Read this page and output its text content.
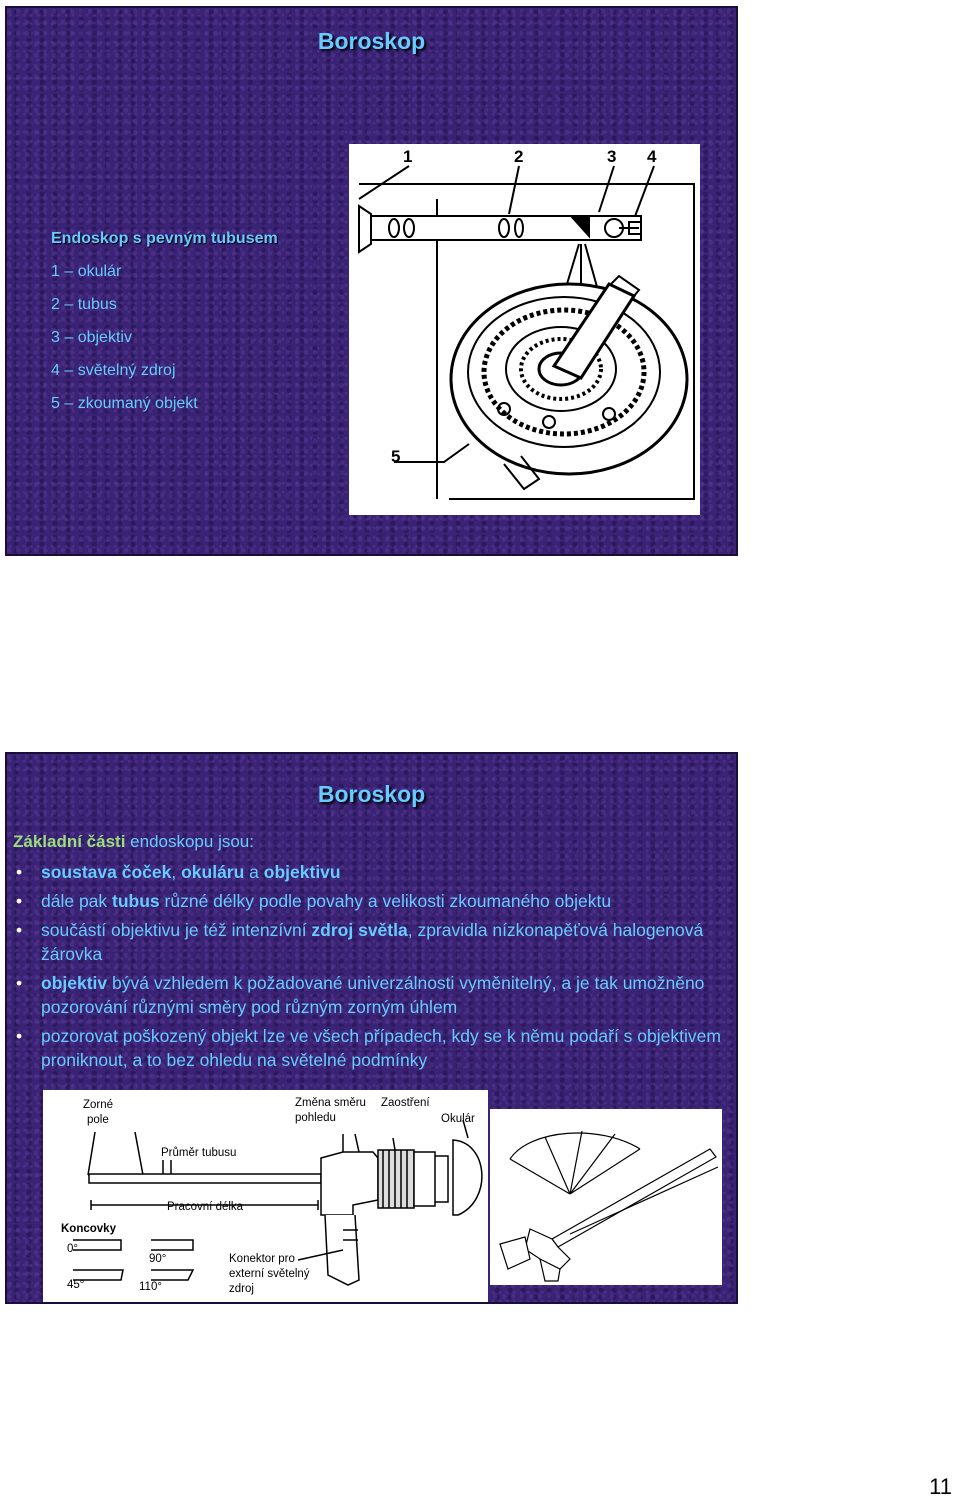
Boroskop
Endoskop s pevným tubusem
1 – okulár
2 – tubus
3 – objektiv
4 – světelný zdroj
5 – zkoumaný objekt
1	2	3 4
5
Boroskop
Základní části endoskopu jsou:
• soustava čoček, okuláru a objektivu
• dále pak tubus různé délky podle povahy a velikosti zkoumaného objektu
• součástí objektivu je též intenzívní zdroj světla, zpravidla nízkonapěťová halogenová žárovka
• objektiv bývá vzhledem k požadované univerzálnosti vyměnitelný, a je tak umožněno pozorování různými směry pod různým zorným úhlem
• pozorovat poškozený objekt lze ve všech případech, kdy se k němu podaří s objektivem proniknout, a to bez ohledu na světelné podmínky
Zorné
pole
Změna směru
pohledu
Zaostření
Okulár
Průměr tubusu
Pracovní délka
Koncovky
0°
90°
45°	110°
Konektor pro
externí světelný
zdroj
11
